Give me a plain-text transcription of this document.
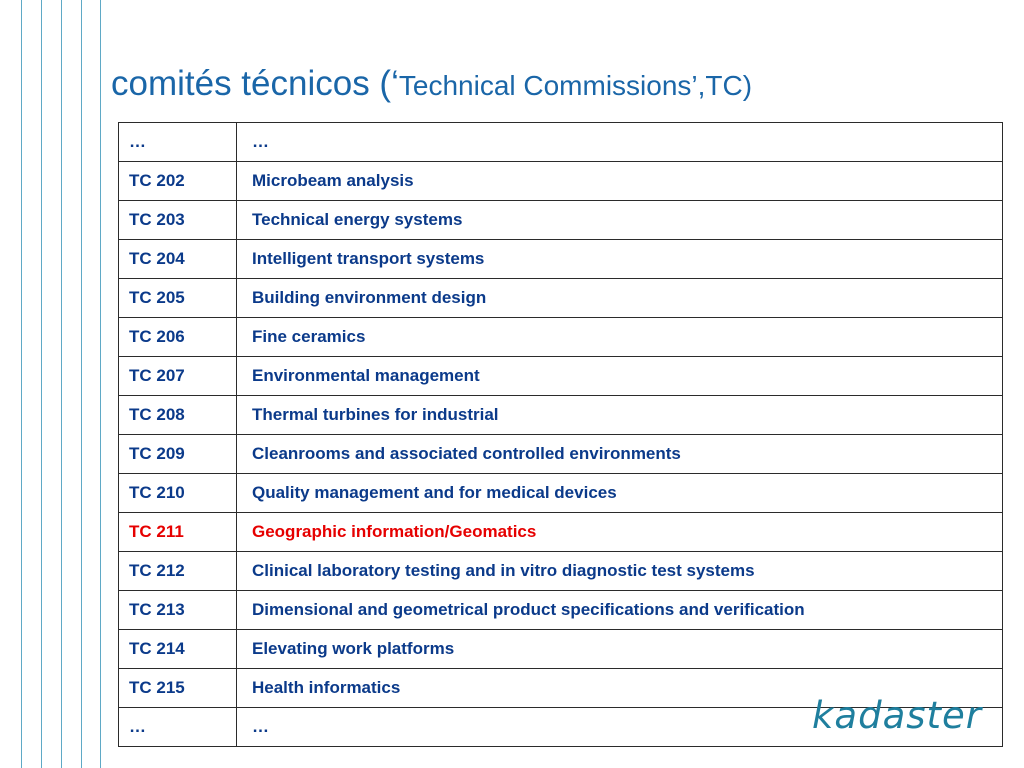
comités técnicos (‘Technical Commissions’,TC)
…	…
TC 202	Microbeam analysis
TC 203	Technical energy systems
TC 204	Intelligent transport systems
TC 205	Building environment design
TC 206	Fine ceramics
TC 207	Environmental management
TC 208	Thermal turbines for industrial
TC 209	Cleanrooms and associated controlled environments
TC 210	Quality management and for medical devices
TC 211	Geographic information/Geomatics
TC 212	Clinical laboratory testing and in vitro diagnostic test systems
TC 213	Dimensional and geometrical product specifications and verification
TC 214	Elevating work platforms
TC 215	Health informatics
…	…	kadaster
